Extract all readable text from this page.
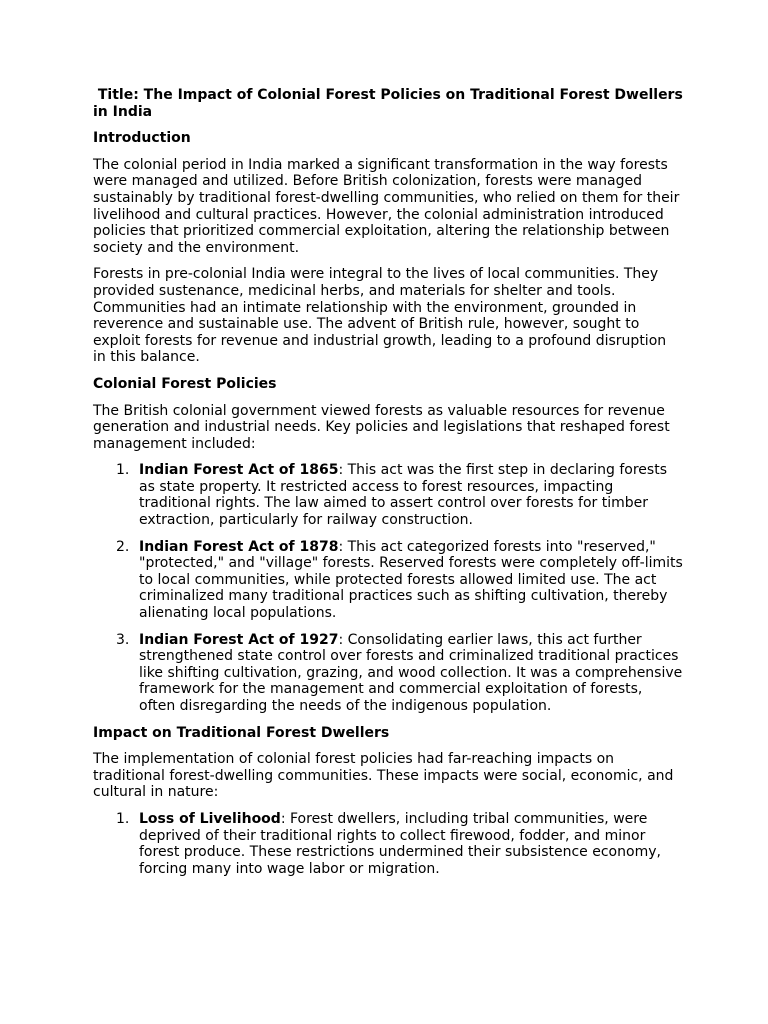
Title: The Impact of Colonial Forest Policies on Traditional Forest Dwellers in India
Introduction

The colonial period in India marked a significant transformation in the way forests were managed and utilized. Before British colonization, forests were managed sustainably by traditional forest-dwelling communities, who relied on them for their livelihood and cultural practices. However, the colonial administration introduced policies that prioritized commercial exploitation, altering the relationship between society and the environment.

Forests in pre-colonial India were integral to the lives of local communities. They provided sustenance, medicinal herbs, and materials for shelter and tools. Communities had an intimate relationship with the environment, grounded in reverence and sustainable use. The advent of British rule, however, sought to exploit forests for revenue and industrial growth, leading to a profound disruption in this balance.

Colonial Forest Policies

The British colonial government viewed forests as valuable resources for revenue generation and industrial needs. Key policies and legislations that reshaped forest management included:

1. Indian Forest Act of 1865: This act was the first step in declaring forests as state property. It restricted access to forest resources, impacting traditional rights. The law aimed to assert control over forests for timber extraction, particularly for railway construction.
2. Indian Forest Act of 1878: This act categorized forests into "reserved," "protected," and "village" forests. Reserved forests were completely off-limits to local communities, while protected forests allowed limited use. The act criminalized many traditional practices such as shifting cultivation, thereby alienating local populations.
3. Indian Forest Act of 1927: Consolidating earlier laws, this act further strengthened state control over forests and criminalized traditional practices like shifting cultivation, grazing, and wood collection. It was a comprehensive framework for the management and commercial exploitation of forests, often disregarding the needs of the indigenous population.
Impact on Traditional Forest Dwellers

The implementation of colonial forest policies had far-reaching impacts on traditional forest-dwelling communities. These impacts were social, economic, and cultural in nature:

1. Loss of Livelihood: Forest dwellers, including tribal communities, were deprived of their traditional rights to collect firewood, fodder, and minor forest produce. These restrictions undermined their subsistence economy, forcing many into wage labor or migration.
